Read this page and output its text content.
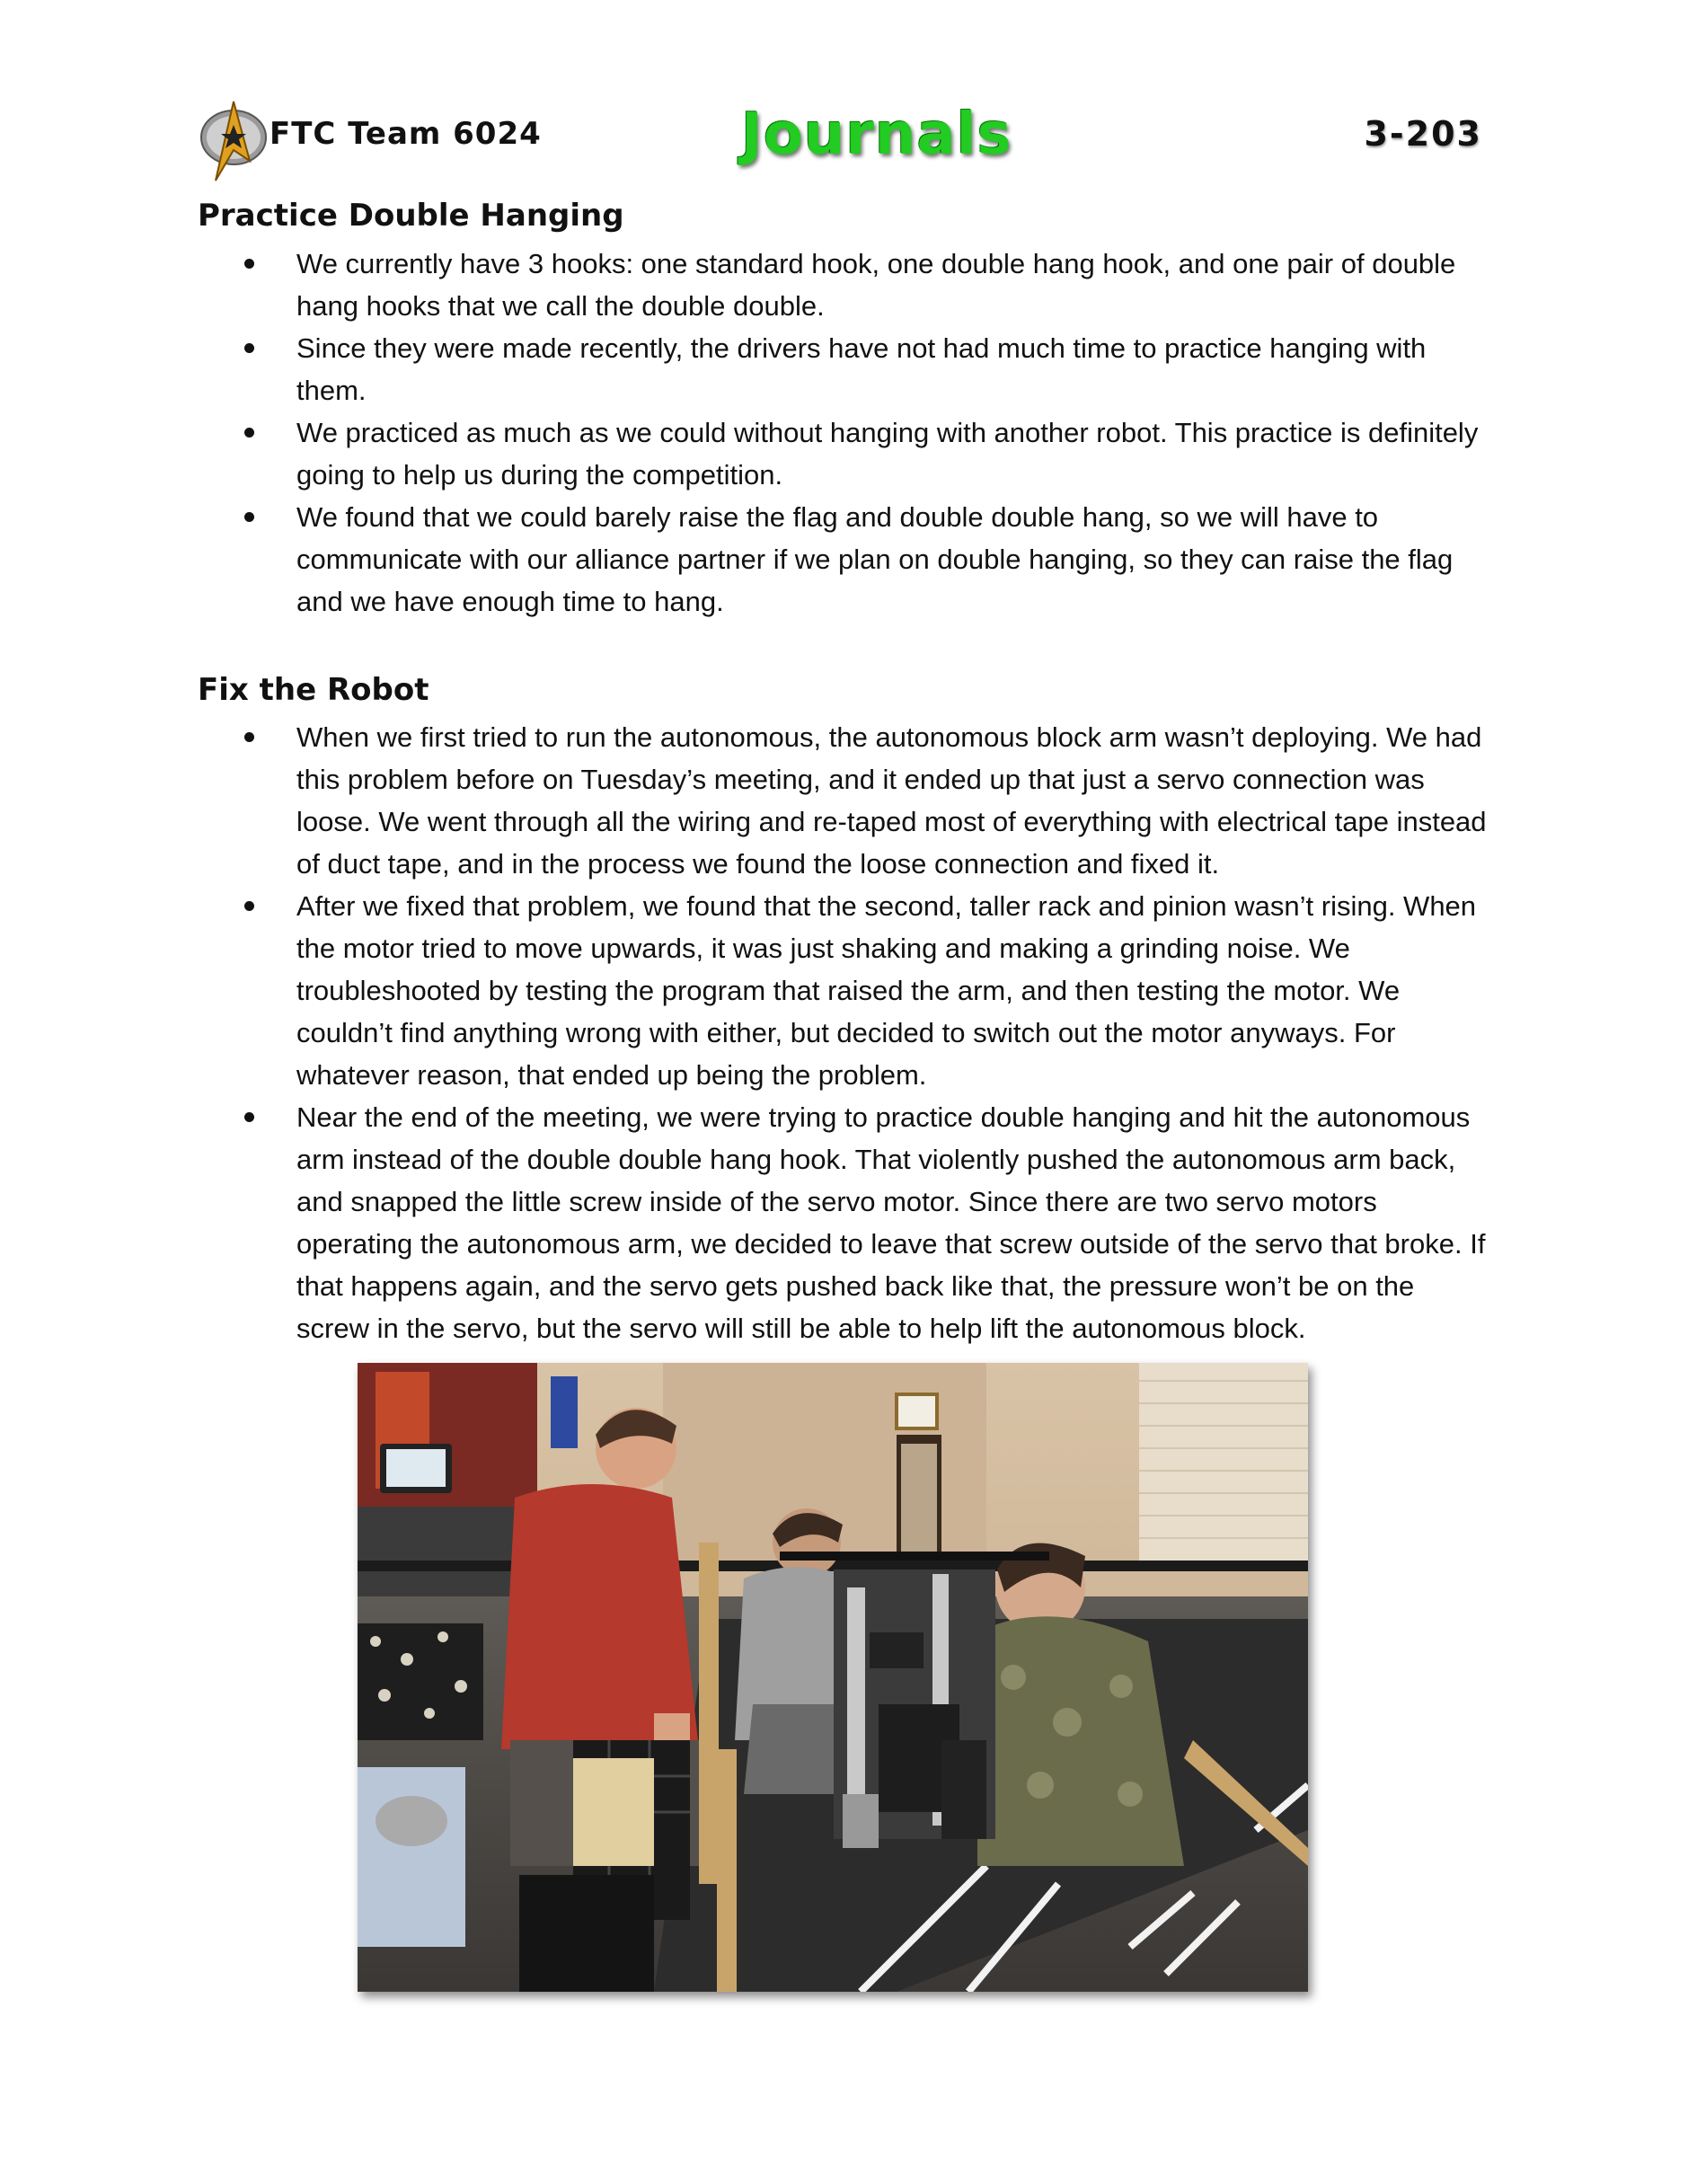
FTC Team 6024	Journals	3-203
Practice Double Hanging
We currently have 3 hooks: one standard hook, one double hang hook, and one pair of double hang hooks that we call the double double.
Since they were made recently, the drivers have not had much time to practice hanging with them.
We practiced as much as we could without hanging with another robot. This practice is definitely going to help us during the competition.
We found that we could barely raise the flag and double double hang, so we will have to communicate with our alliance partner if we plan on double hanging, so they can raise the flag and we have enough time to hang.
Fix the Robot
When we first tried to run the autonomous, the autonomous block arm wasn’t deploying. We had this problem before on Tuesday’s meeting, and it ended up that just a servo connection was loose. We went through all the wiring and re-taped most of everything with electrical tape instead of duct tape, and in the process we found the loose connection and fixed it.
After we fixed that problem, we found that the second, taller rack and pinion wasn’t rising. When the motor tried to move upwards, it was just shaking and making a grinding noise. We troubleshooted by testing the program that raised the arm, and then testing the motor. We couldn’t find anything wrong with either, but decided to switch out the motor anyways. For whatever reason, that ended up being the problem.
Near the end of the meeting, we were trying to practice double hanging and hit the autonomous arm instead of the double double hang hook. That violently pushed the autonomous arm back, and snapped the little screw inside of the servo motor. Since there are two servo motors operating the autonomous arm, we decided to leave that screw outside of the servo that broke. If that happens again, and the servo gets pushed back like that, the pressure won’t be on the screw in the servo, but the servo will still be able to help lift the autonomous block.
